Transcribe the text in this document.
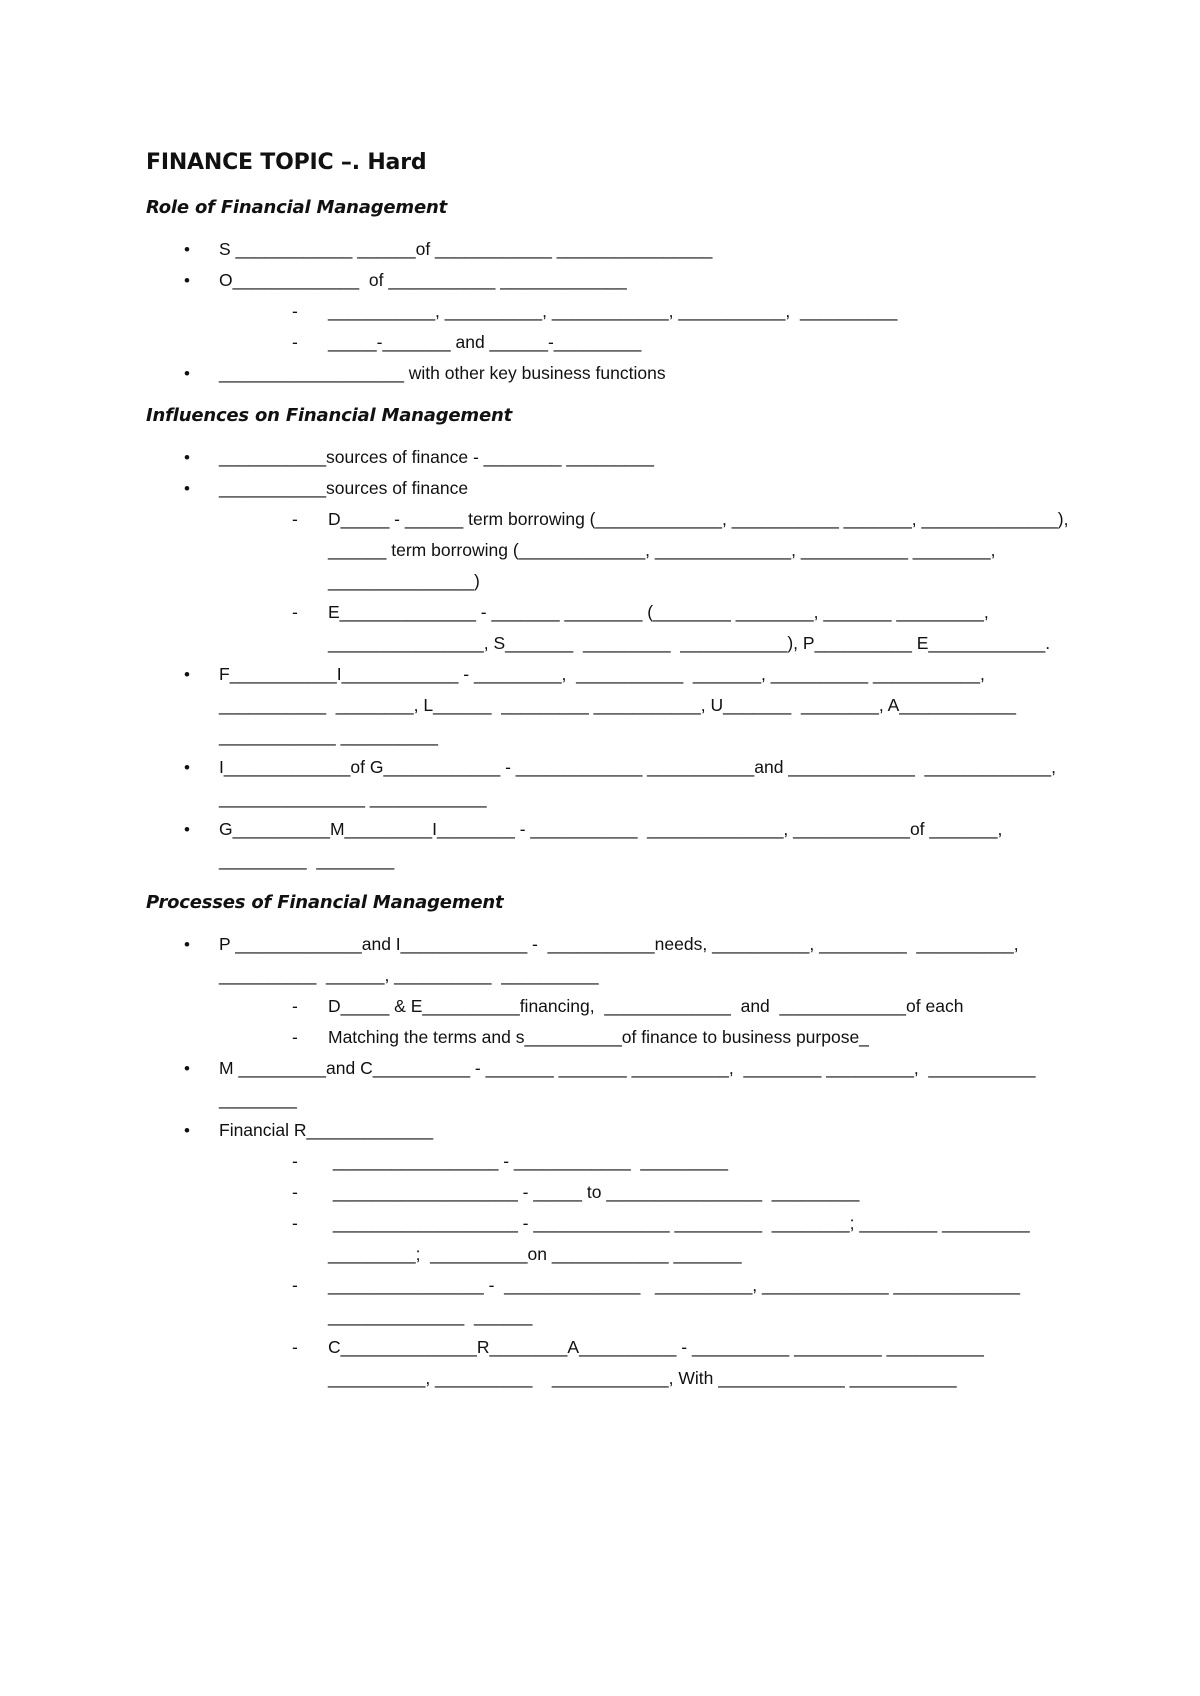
FINANCE TOPIC –. Hard
Role of Financial Management
• S ____________ ______of ____________ ________________
• O_____________  of ___________ _____________
- ___________, __________, ____________, ___________,  __________
- _____-_______ and ______-_________
• ___________________ with other key business functions
Influences on Financial Management
• ___________sources of finance - ________ _________
• ___________sources of finance
- D_____ - ______ term borrowing (_____________, ___________ _______, ______________), ______ term borrowing (_____________, ______________, ___________ ________, _______________)
- E______________ - _______ ________ (________ ________, _______ _________, ________________, S_______  _________  ___________), P__________ E____________.
• F___________I____________ - _________,  ___________  _______, __________ ___________, ___________  ________, L______  _________ ___________, U_______  ________, A____________  ____________ __________
• I_____________of G____________ - _____________ ___________and _____________  _____________, _______________ ____________
• G__________M_________I________ - ___________  ______________, ____________of _______, _________  ________
Processes of Financial Management
• P _____________and I_____________ -  ___________needs, __________, _________  __________,  __________  ______, __________  __________
- D_____ & E__________financing,  _____________  and  _____________of each
- Matching the terms and s__________of finance to business purpose_
• M _________and C__________ - _______ _______ __________,  ________ _________,  ___________ ________
• Financial R_____________
-  _________________ - ____________  _________
-  ___________________ - _____ to ________________  _________
-  ___________________ - ______________ _________  ________; ________ _________  _________;  __________on ____________ _______
- ________________ -  ______________   __________, _____________ _____________  ______________  ______
- C______________R________A__________ - __________ _________ __________  __________, __________    ____________, With _____________ ___________
